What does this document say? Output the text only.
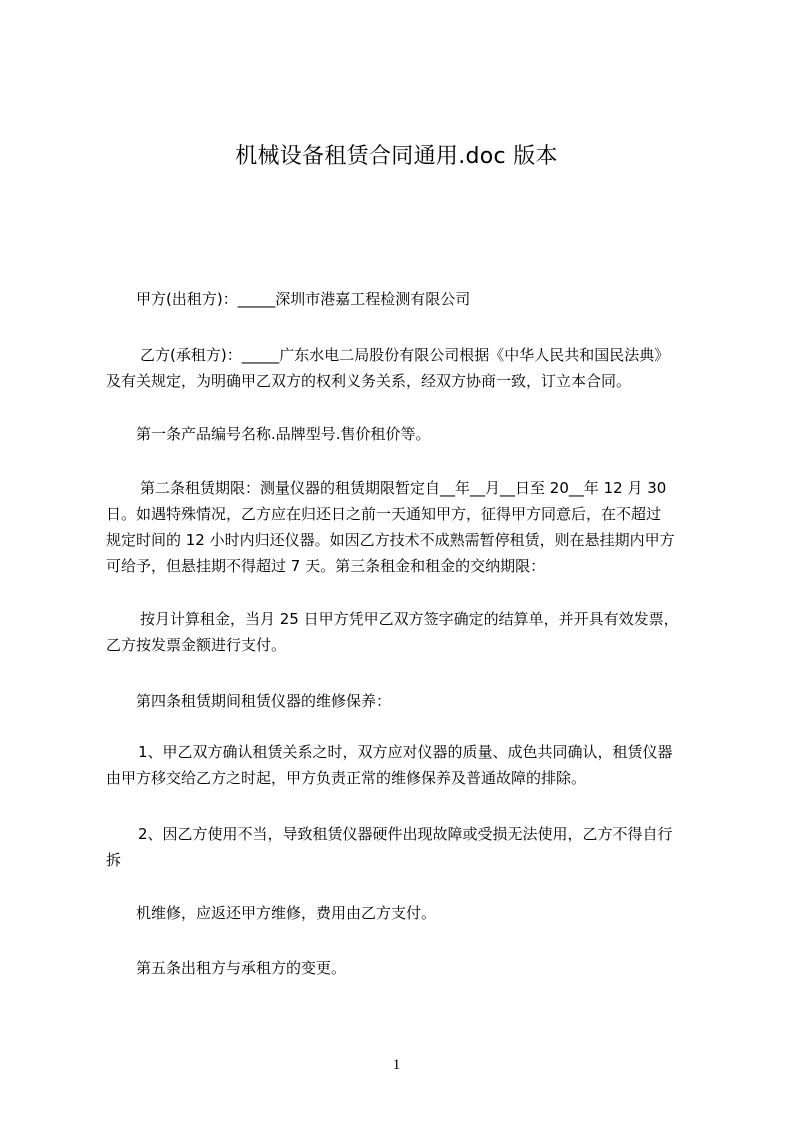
机械设备租赁合同通用.doc 版本
甲方(出租方)：_____深圳市港嘉工程检测有限公司
乙方(承租方)：_____广东水电二局股份有限公司根据《中华人民共和国民法典》
及有关规定，为明确甲乙双方的权利义务关系，经双方协商一致，订立本合同。
第一条产品编号名称.品牌型号.售价租价等。
第二条租赁期限：测量仪器的租赁期限暂定自__年__月__日至 20__年 12 月 30
日。如遇特殊情况，乙方应在归还日之前一天通知甲方，征得甲方同意后，在不超过
规定时间的 12 小时内归还仪器。如因乙方技术不成熟需暂停租赁，则在悬挂期内甲方
可给予，但悬挂期不得超过 7 天。第三条租金和租金的交纳期限：
按月计算租金，当月 25 日甲方凭甲乙双方签字确定的结算单，并开具有效发票，
乙方按发票金额进行支付。
第四条租赁期间租赁仪器的维修保养：
1、甲乙双方确认租赁关系之时，双方应对仪器的质量、成色共同确认，租赁仪器
由甲方移交给乙方之时起，甲方负责正常的维修保养及普通故障的排除。
2、因乙方使用不当，导致租赁仪器硬件出现故障或受损无法使用，乙方不得自行
拆
机维修，应返还甲方维修，费用由乙方支付。
第五条出租方与承租方的变更。
1
